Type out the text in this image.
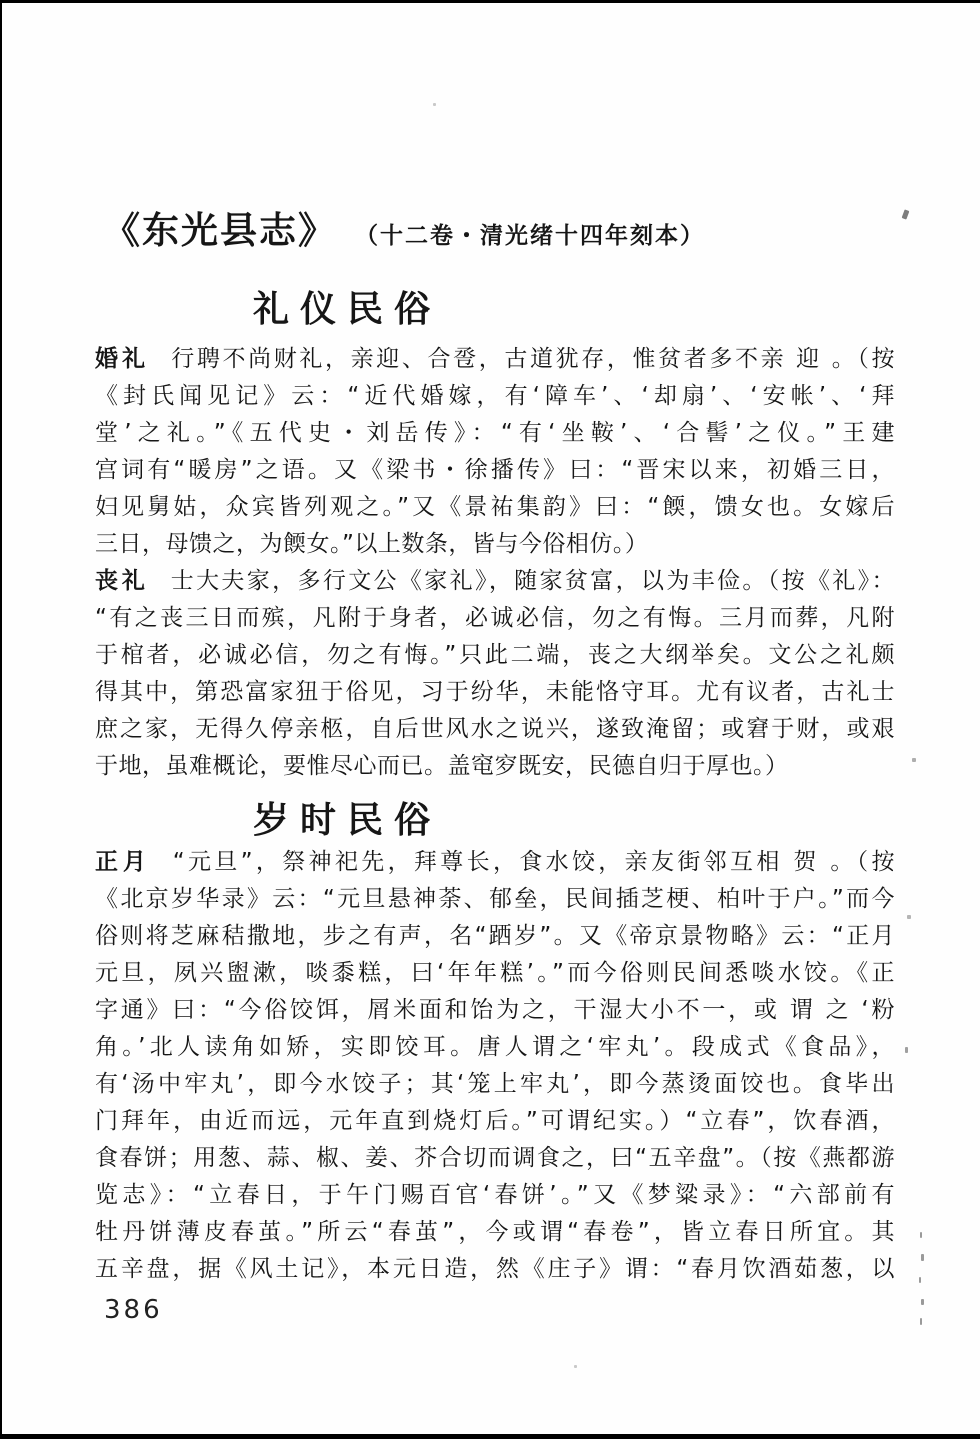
《东光县志》 （十二卷・清光绪十四年刻本）
礼仪民俗
婚礼 行聘不尚财礼，亲迎、合卺，古道犹存，惟贫者多不亲 迎 。（按
《封氏闻见记》云：“近代婚嫁，有‘障车’、‘却扇’、‘安帐’、‘拜
堂’之礼。”《五代史・刘岳传》：“有‘坐鞍’、‘合髻’之仪。”王建
宫词有“暖房”之语。又《梁书・徐播传》曰：“晋宋以来，初婚三日，
妇见舅姑，众宾皆列观之。”又《景祐集韵》曰：“餪，馈女也。女嫁后
三日，母馈之，为餪女。”以上数条，皆与今俗相仿。）
丧礼 士大夫家，多行文公《家礼》，随家贫富，以为丰俭。（按《礼》：
“有之丧三日而殡，凡附于身者，必诚必信，勿之有悔。三月而葬，凡附
于棺者，必诚必信，勿之有悔。”只此二端，丧之大纲举矣。文公之礼颇
得其中，第恐富家狃于俗见，习于纷华，未能恪守耳。尤有议者，古礼士
庶之家，无得久停亲柩，自后世风水之说兴，遂致淹留；或窘于财，或艰
于地，虽难概论，要惟尽心而已。盖窀穸既安，民德自归于厚也。）
岁时民俗
正月 “元旦”，祭神祀先，拜尊长，食水饺，亲友街邻互相 贺 。（按
《北京岁华录》云：“元旦悬神荼、郁垒，民间插芝梗、柏叶于户。”而今
俗则将芝麻秸撒地，步之有声，名“跴岁”。又《帝京景物略》云：“正月
元旦，夙兴盥漱，啖黍糕，曰‘年年糕’。”而今俗则民间悉啖水饺。《正
字通》曰：“今俗饺饵，屑米面和饴为之，干湿大小不一，或 谓 之 ‘粉
角。’北人读角如矫，实即饺耳。唐人谓之‘牢丸’。段成式《食品》，
有‘汤中牢丸’，即今水饺子；其‘笼上牢丸’，即今蒸烫面饺也。食毕出
门拜年，由近而远，元年直到烧灯后。”可谓纪实。）“立春”，饮春酒，
食春饼；用葱、蒜、椒、姜、芥合切而调食之，曰“五辛盘”。（按《燕都游
览志》：“立春日，于午门赐百官‘春饼’。”又《梦粱录》：“六部前有
牡丹饼薄皮春茧。”所云“春茧”，今或谓“春卷”，皆立春日所宜。其
五辛盘，据《风土记》，本元日造，然《庄子》谓：“春月饮酒茹葱，以
386
